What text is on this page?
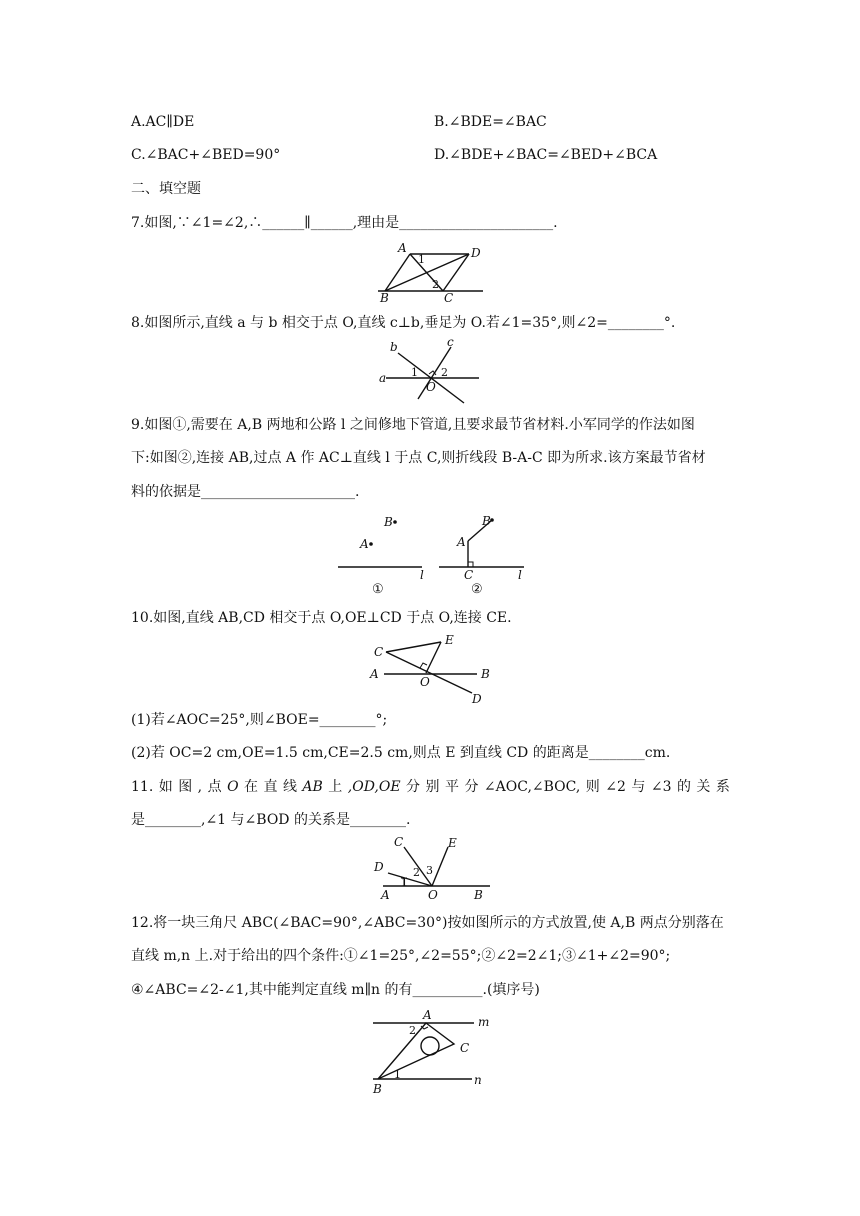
A.AC∥DE	B.∠BDE=∠BAC
C.∠BAC+∠BED=90°	D.∠BDE+∠BAC=∠BED+∠BCA
二、填空题
7.如图,∵∠1=∠2,∴______∥______,理由是______________________.
A	D
B	C
1
2
8.如图所示,直线 a 与 b 相交于点 O,直线 c⊥b,垂足为 O.若∠1=35°,则∠2=________°.
a
b	c
O
1 2
9.如图①,需要在 A,B 两地和公路 l 之间修地下管道,且要求最节省材料.小军同学的作法如图
下:如图②,连接 AB,过点 A 作 AC⊥直线 l 于点 C,则折线段 B-A-C 即为所求.该方案最节省材
料的依据是______________________.
B
A
l
①
B
A
C	l
②
10.如图,直线 AB,CD 相交于点 O,OE⊥CD 于点 O,连接 CE.
C
E
A
O
B
D
(1)若∠AOC=25°,则∠BOE=________°;
(2)若 OC=2 cm,OE=1.5 cm,CE=2.5 cm,则点 E 到直线 CD 的距离是________cm.
11. 如 图 , 点 O 在 直 线 AB 上 ,OD,OE 分 别 平 分 ∠AOC,∠BOC, 则 ∠2 与 ∠3 的 关 系
是________,∠1 与∠BOD 的关系是________.
C	E
D
A	O	B
1
2 3
12.将一块三角尺 ABC(∠BAC=90°,∠ABC=30°)按如图所示的方式放置,使 A,B 两点分别落在
直线 m,n 上.对于给出的四个条件:①∠1=25°,∠2=55°;②∠2=2∠1;③∠1+∠2=90°;
④∠ABC=∠2-∠1,其中能判定直线 m∥n 的有__________.(填序号)
A	m
C
B
n
1
2
